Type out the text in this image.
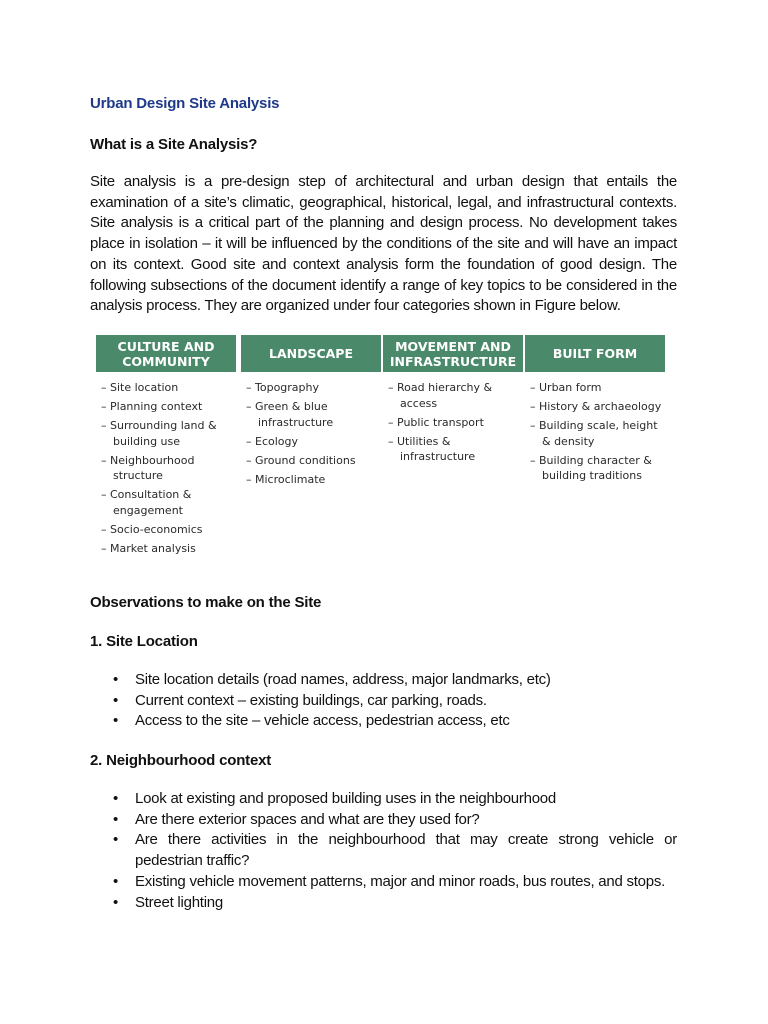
Urban Design Site Analysis
What is a Site Analysis?

Site analysis is a pre-design step of architectural and urban design that entails the examination of a site’s climatic, geographical, historical, legal, and infrastructural contexts. Site analysis is a critical part of the planning and design process. No development takes place in isolation – it will be influenced by the conditions of the site and will have an impact on its context. Good site and context analysis form the foundation of good design. The following subsections of the document identify a range of key topics to be considered in the analysis process. They are organized under four categories shown in Figure below.

CULTURE AND COMMUNITY
– Site location
– Planning context
– Surrounding land & building use
– Neighbourhood structure
– Consultation & engagement
– Socio-economics
– Market analysis
LANDSCAPE
– Topography
– Green & blue infrastructure
– Ecology
– Ground conditions
– Microclimate
MOVEMENT AND INFRASTRUCTURE
– Road hierarchy & access
– Public transport
– Utilities & infrastructure
BUILT FORM
– Urban form
– History & archaeology
– Building scale, height & density
– Building character & building traditions
Observations to make on the Site
1. Site Location
• Site location details (road names, address, major landmarks, etc)
• Current context – existing buildings, car parking, roads.
• Access to the site – vehicle access, pedestrian access, etc
2. Neighbourhood context
• Look at existing and proposed building uses in the neighbourhood
• Are there exterior spaces and what are they used for?
• Are there activities in the neighbourhood that may create strong vehicle or pedestrian traffic?
• Existing vehicle movement patterns, major and minor roads, bus routes, and stops.
• Street lighting
